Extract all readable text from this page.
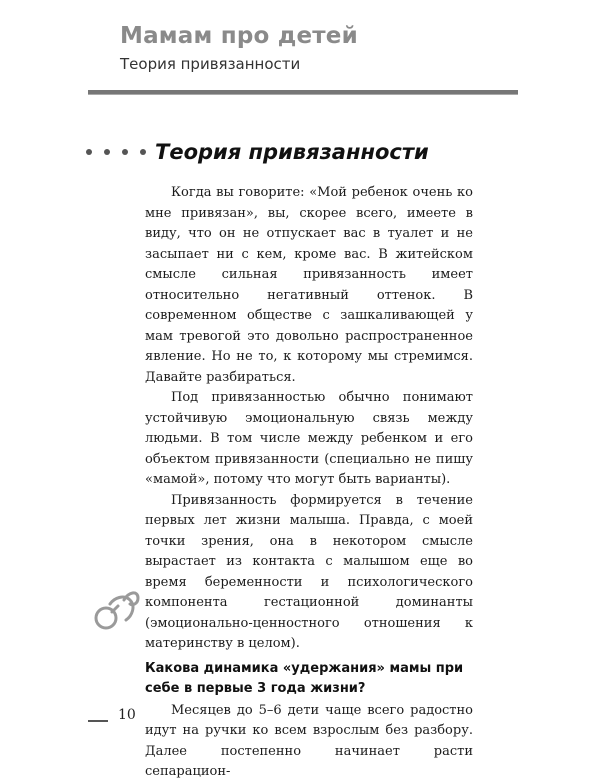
Мамам про детей
Теория привязанности
Теория привязанности

Когда вы говорите: «Мой ребенок очень ко мне привязан», вы, скорее всего, имеете в виду, что он не отпускает вас в туалет и не засыпает ни с кем, кроме вас. В житейском смысле сильная привязанность имеет относительно негативный оттенок. В современном обществе с зашкаливающей у мам тревогой это довольно распространенное явление. Но не то, к которому мы стремимся. Давайте разбираться.

Под привязанностью обычно понимают устойчивую эмоциональную связь между людьми. В том числе между ребенком и его объектом привязанности (специально не пишу «мамой», потому что могут быть варианты).

Привязанность формируется в течение первых лет жизни малыша. Правда, с моей точки зрения, она в некотором смысле вырастает из контакта с малышом еще во время беременности и психологического компонента гестационной доминанты (эмоционально-ценностного отношения к материнству в целом).

Какова динамика «удержания» мамы при себе в первые 3 года жизни?

Месяцев до 5–6 дети чаще всего радостно идут на ручки ко всем взрослым без разбору. Далее постепенно начинает расти сепарацион-

10
